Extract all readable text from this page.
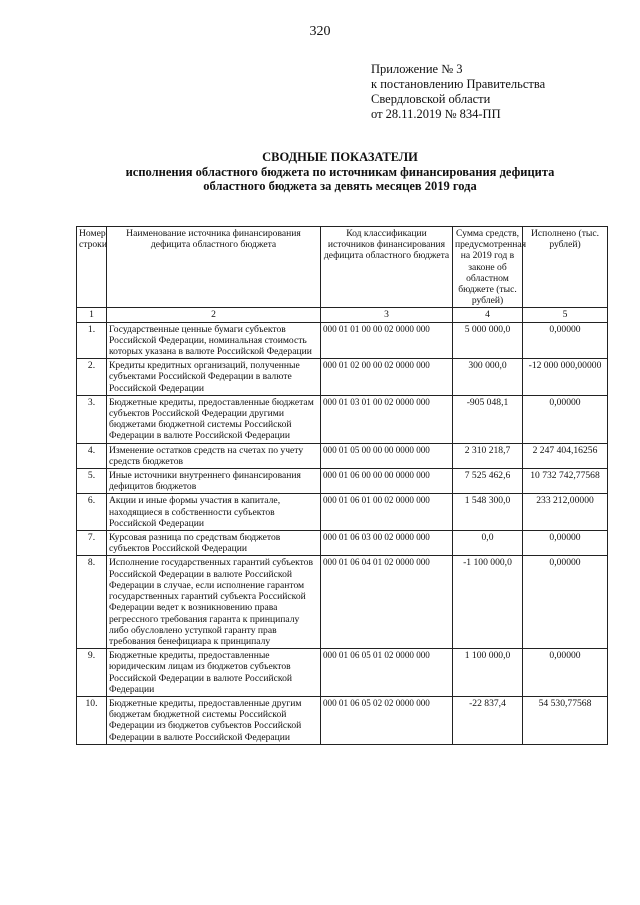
320
Приложение № 3
к постановлению Правительства
Свердловской области
от 28.11.2019 № 834-ПП
СВОДНЫЕ ПОКАЗАТЕЛИ
исполнения областного бюджета по источникам финансирования дефицита
областного бюджета за девять месяцев 2019 года
Номер строки	Наименование источника финансирования дефицита областного бюджета	Код классификации источников финансирования дефицита областного бюджета	Сумма средств, предусмотренная на 2019 год в законе об областном бюджете (тыс. рублей)	Исполнено (тыс. рублей)
1	2	3	4	5
1.	Государственные ценные бумаги субъектов Российской Федерации, номинальная стоимость которых указана в валюте Российской Федерации	000 01 01 00 00 02 0000 000	5 000 000,0	0,00000
2.	Кредиты кредитных организаций, полученные субъектами Российской Федерации в валюте Российской Федерации	000 01 02 00 00 02 0000 000	300 000,0	-12 000 000,00000
3.	Бюджетные кредиты, предоставленные бюджетам субъектов Российской Федерации другими бюджетами бюджетной системы Российской Федерации в валюте Российской Федерации	000 01 03 01 00 02 0000 000	-905 048,1	0,00000
4.	Изменение остатков средств на счетах по учету средств бюджетов	000 01 05 00 00 00 0000 000	2 310 218,7	2 247 404,16256
5.	Иные источники внутреннего финансирования дефицитов бюджетов	000 01 06 00 00 00 0000 000	7 525 462,6	10 732 742,77568
6.	Акции и иные формы участия в капитале, находящиеся в собственности субъектов Российской Федерации	000 01 06 01 00 02 0000 000	1 548 300,0	233 212,00000
7.	Курсовая разница по средствам бюджетов субъектов Российской Федерации	000 01 06 03 00 02 0000 000	0,0	0,00000
8.	Исполнение государственных гарантий субъектов Российской Федерации в валюте Российской Федерации в случае, если исполнение гарантом государственных гарантий субъекта Российской Федерации ведет к возникновению права регрессного требования гаранта к принципалу либо обусловлено уступкой гаранту прав требования бенефициара к принципалу	000 01 06 04 01 02 0000 000	-1 100 000,0	0,00000
9.	Бюджетные кредиты, предоставленные юридическим лицам из бюджетов субъектов Российской Федерации в валюте Российской Федерации	000 01 06 05 01 02 0000 000	1 100 000,0	0,00000
10.	Бюджетные кредиты, предоставленные другим бюджетам бюджетной системы Российской Федерации из бюджетов субъектов Российской Федерации в валюте Российской Федерации	000 01 06 05 02 02 0000 000	-22 837,4	54 530,77568
